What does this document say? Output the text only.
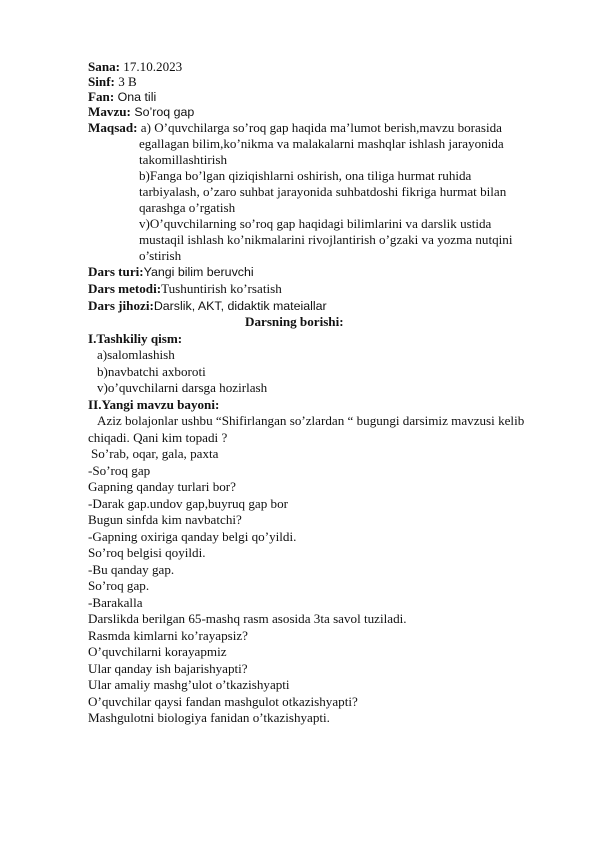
Sana: 17.10.2023
Sinf: 3 B
Fan: Ona tili
Mavzu: So’roq gap
Maqsad: a) O’quvchilarga so’roq gap haqida ma’lumot berish,mavzu borasida
egallagan bilim,ko’nikma va malakalarni mashqlar ishlash jarayonida
takomillashtirish
b)Fanga bo’lgan qiziqishlarni oshirish, ona tiliga hurmat ruhida
tarbiyalash, o’zaro suhbat jarayonida suhbatdoshi fikriga hurmat bilan
qarashga o’rgatish
v)O’quvchilarning so’roq gap haqidagi bilimlarini va darslik ustida
mustaqil ishlash ko’nikmalarini rivojlantirish o’gzaki va yozma nutqini
o’stirish
Dars turi:Yangi bilim beruvchi
Dars metodi:Tushuntirish ko’rsatish
Dars jihozi:Darslik, AKT, didaktik mateiallar
Darsning borishi:
I.Tashkiliy qism:
a)salomlashish
b)navbatchi axboroti
v)o’quvchilarni darsga hozirlash
II.Yangi mavzu bayoni:
Aziz bolajonlar ushbu “Shifirlangan so’zlardan “ bugungi darsimiz mavzusi kelib
chiqadi. Qani kim topadi ?
So’rab, oqar, gala, paxta
-So’roq gap
Gapning qanday turlari bor?
-Darak gap.undov gap,buyruq gap bor
Bugun sinfda kim navbatchi?
-Gapning oxiriga qanday belgi qo’yildi.
So’roq belgisi qoyildi.
-Bu qanday gap.
So’roq gap.
-Barakalla
Darslikda berilgan 65-mashq rasm asosida 3ta savol tuziladi.
Rasmda kimlarni ko’rayapsiz?
O’quvchilarni korayapmiz
Ular qanday ish bajarishyapti?
Ular amaliy mashg’ulot o’tkazishyapti
O’quvchilar qaysi fandan mashgulot otkazishyapti?
Mashgulotni biologiya fanidan o’tkazishyapti.
